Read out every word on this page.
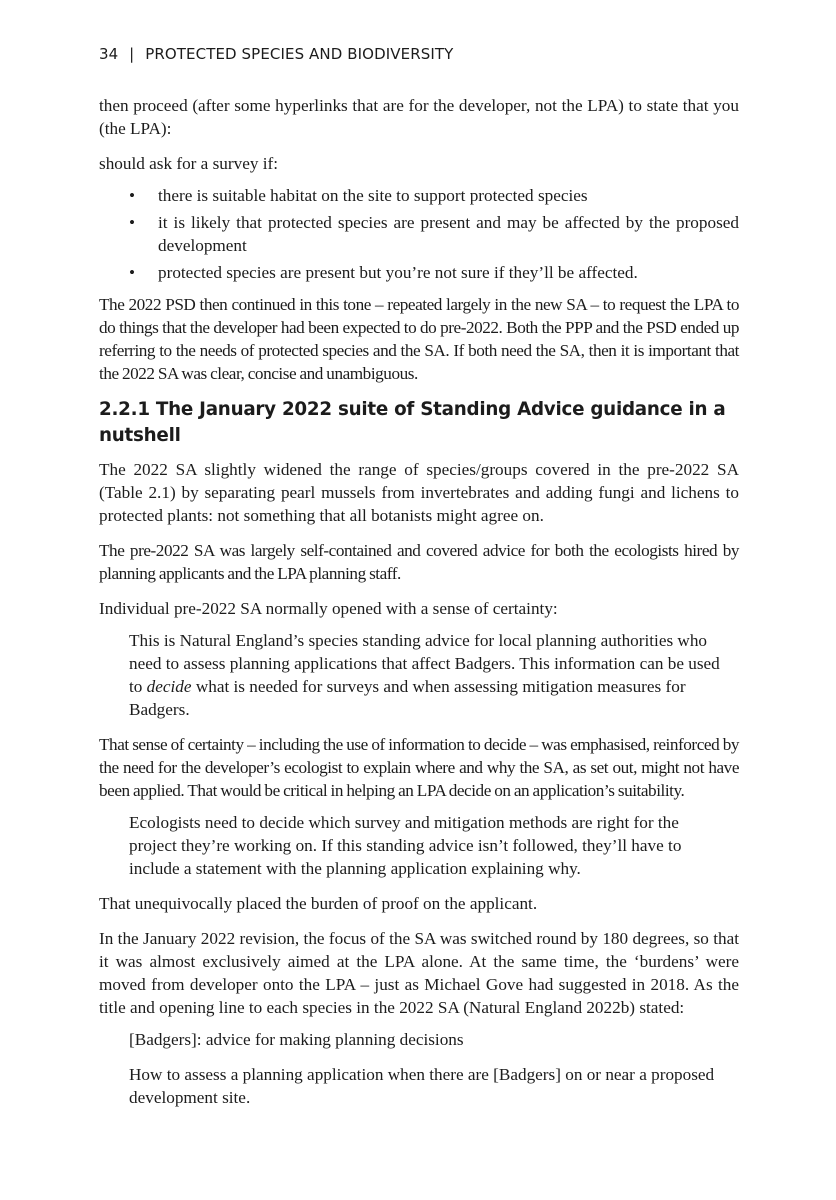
34 | PROTECTED SPECIES AND BIODIVERSITY

then proceed (after some hyperlinks that are for the developer, not the LPA) to state that you (the LPA):

should ask for a survey if:

• there is suitable habitat on the site to support protected species
• it is likely that protected species are present and may be affected by the proposed development
• protected species are present but you’re not sure if they’ll be affected.

The 2022 PSD then continued in this tone – repeated largely in the new SA – to request the LPA to do things that the developer had been expected to do pre-2022. Both the PPP and the PSD ended up referring to the needs of protected species and the SA. If both need the SA, then it is important that the 2022 SA was clear, concise and unambiguous.

2.2.1 The January 2022 suite of Standing Advice guidance in a nutshell

The 2022 SA slightly widened the range of species/groups covered in the pre-2022 SA (Table 2.1) by separating pearl mussels from invertebrates and adding fungi and lichens to protected plants: not something that all botanists might agree on.

The pre-2022 SA was largely self-contained and covered advice for both the ecologists hired by planning applicants and the LPA planning staff.

Individual pre-2022 SA normally opened with a sense of certainty:

This is Natural England’s species standing advice for local planning authorities who need to assess planning applications that affect Badgers. This information can be used to decide what is needed for surveys and when assessing mitigation measures for Badgers.

That sense of certainty – including the use of information to decide – was emphasised, reinforced by the need for the developer’s ecologist to explain where and why the SA, as set out, might not have been applied. That would be critical in helping an LPA decide on an application’s suitability.

Ecologists need to decide which survey and mitigation methods are right for the project they’re working on. If this standing advice isn’t followed, they’ll have to include a statement with the planning application explaining why.

That unequivocally placed the burden of proof on the applicant.

In the January 2022 revision, the focus of the SA was switched round by 180 degrees, so that it was almost exclusively aimed at the LPA alone. At the same time, the ‘burdens’ were moved from developer onto the LPA – just as Michael Gove had suggested in 2018. As the title and opening line to each species in the 2022 SA (Natural England 2022b) stated:

[Badgers]: advice for making planning decisions

How to assess a planning application when there are [Badgers] on or near a proposed development site.
